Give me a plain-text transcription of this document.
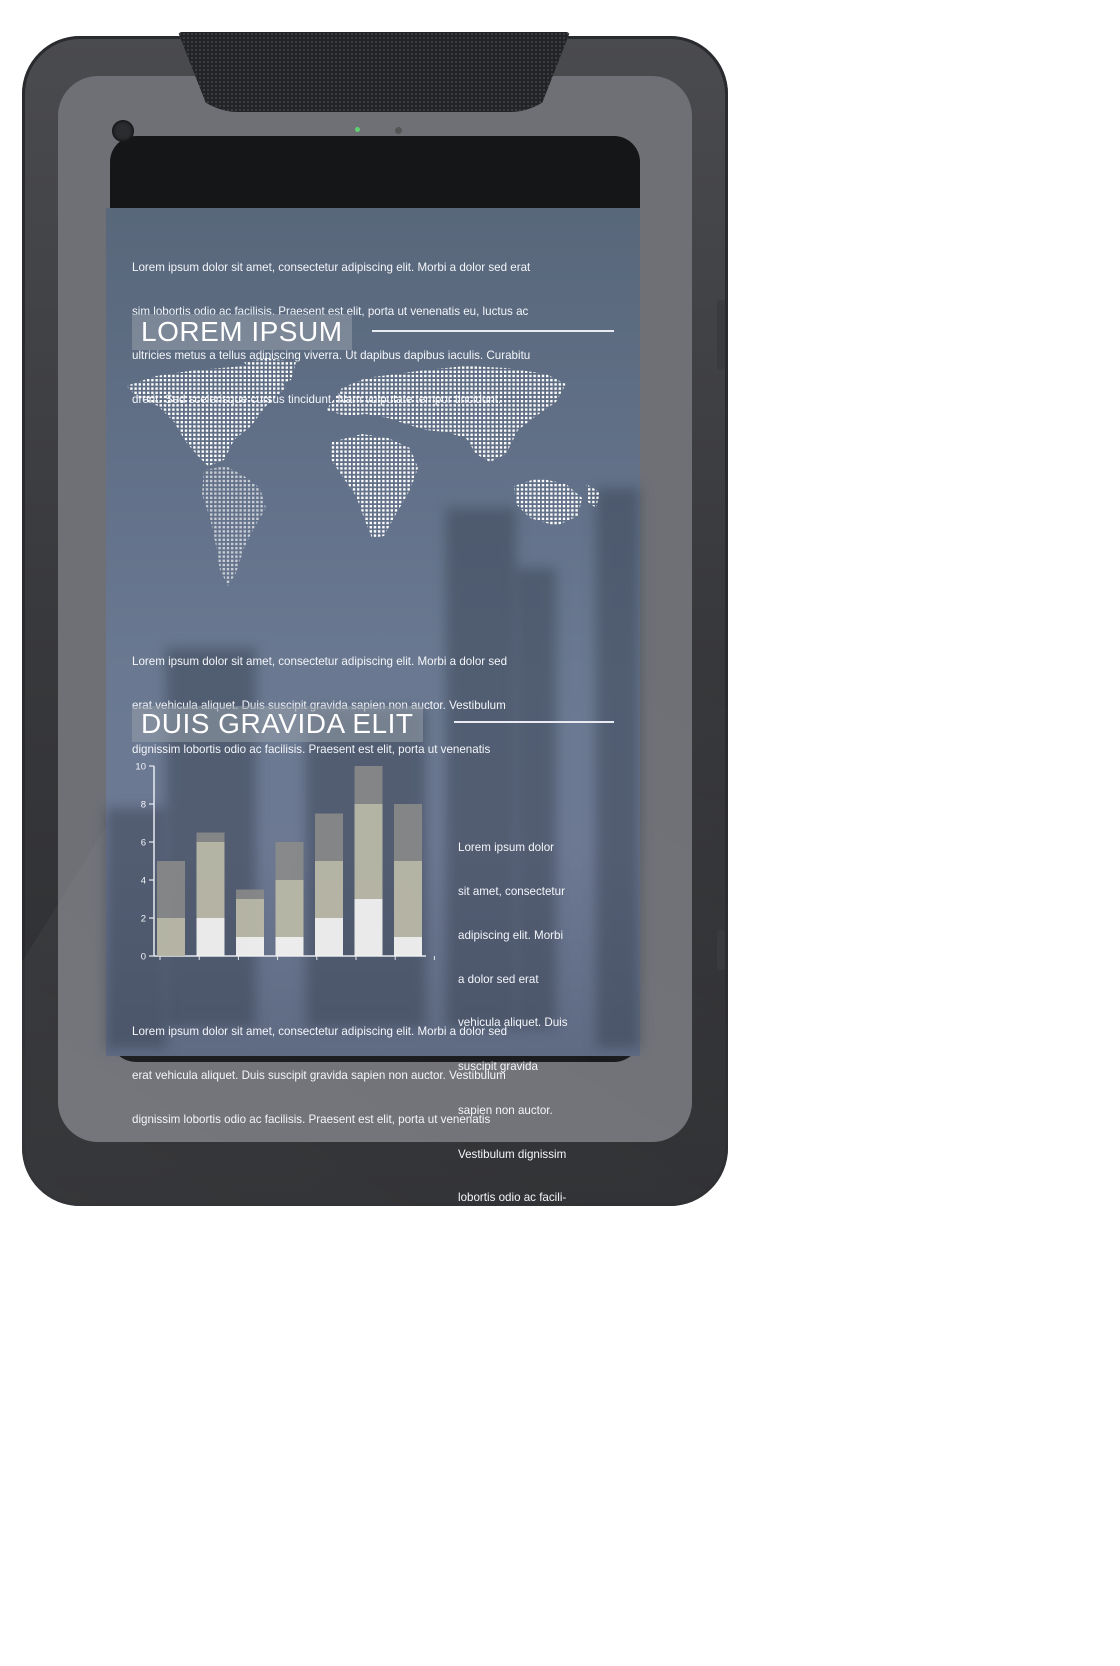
Lorem ipsum dolor sit amet, consectetur adipiscing elit. Morbi a dolor sed erat

sim lobortis odio ac facilisis. Praesent est elit, porta ut venenatis eu, luctus ac

ultricies metus a tellus adipiscing viverra. Ut dapibus dapibus iaculis. Curabitu

drerit. Sed scelerisque cursus tincidunt. Nam vulputate tempor tincidunt.

LOREM IPSUM

Lorem ipsum dolor sit amet, consectetur adipiscing elit. Morbi a dolor sed

auctor. Vestibulum

dignissim lobortis odio ac facilisis. Praesent est elit, porta ut venenatis

DUIS GRAVIDA ELIT
0
2
4
6
8
10

Lorem ipsum dolor

sit amet, consectetur

adipiscing elit. Morbi

a dolor sed erat

vehicula aliquet. Duis

suscipit gravida

sapien non auctor.

Vestibulum dignissim

lobortis odio ac facili-

Lorem ipsum dolor sit amet, consectetur adipiscing elit. Morbi a dolor sed

erat vehicula aliquet. Duis suscipit gravida sapien non auctor. Vestibulum

dignissim lobortis odio ac facilisis. Praesent est elit, porta ut venenatis
